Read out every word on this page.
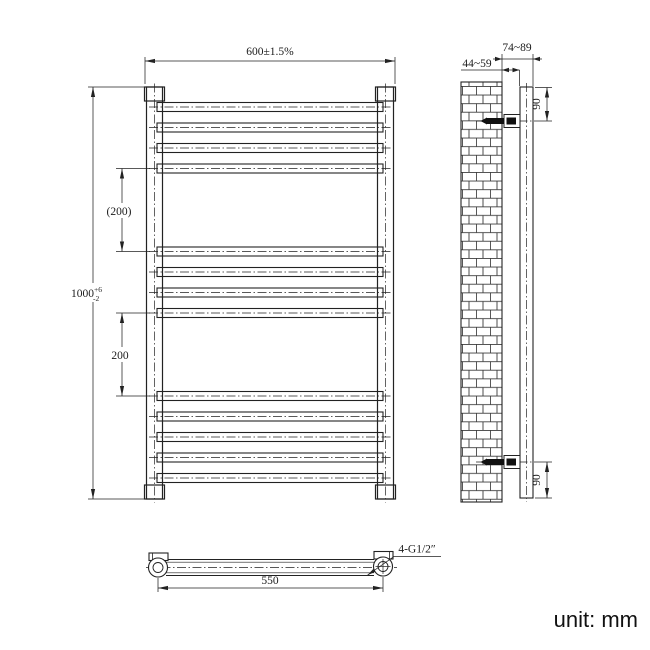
600±1.5%
$1000^{+6}$ -2
(200)
200
74~89
44~59
90
90
4-G1/2″
550
unit: mm
